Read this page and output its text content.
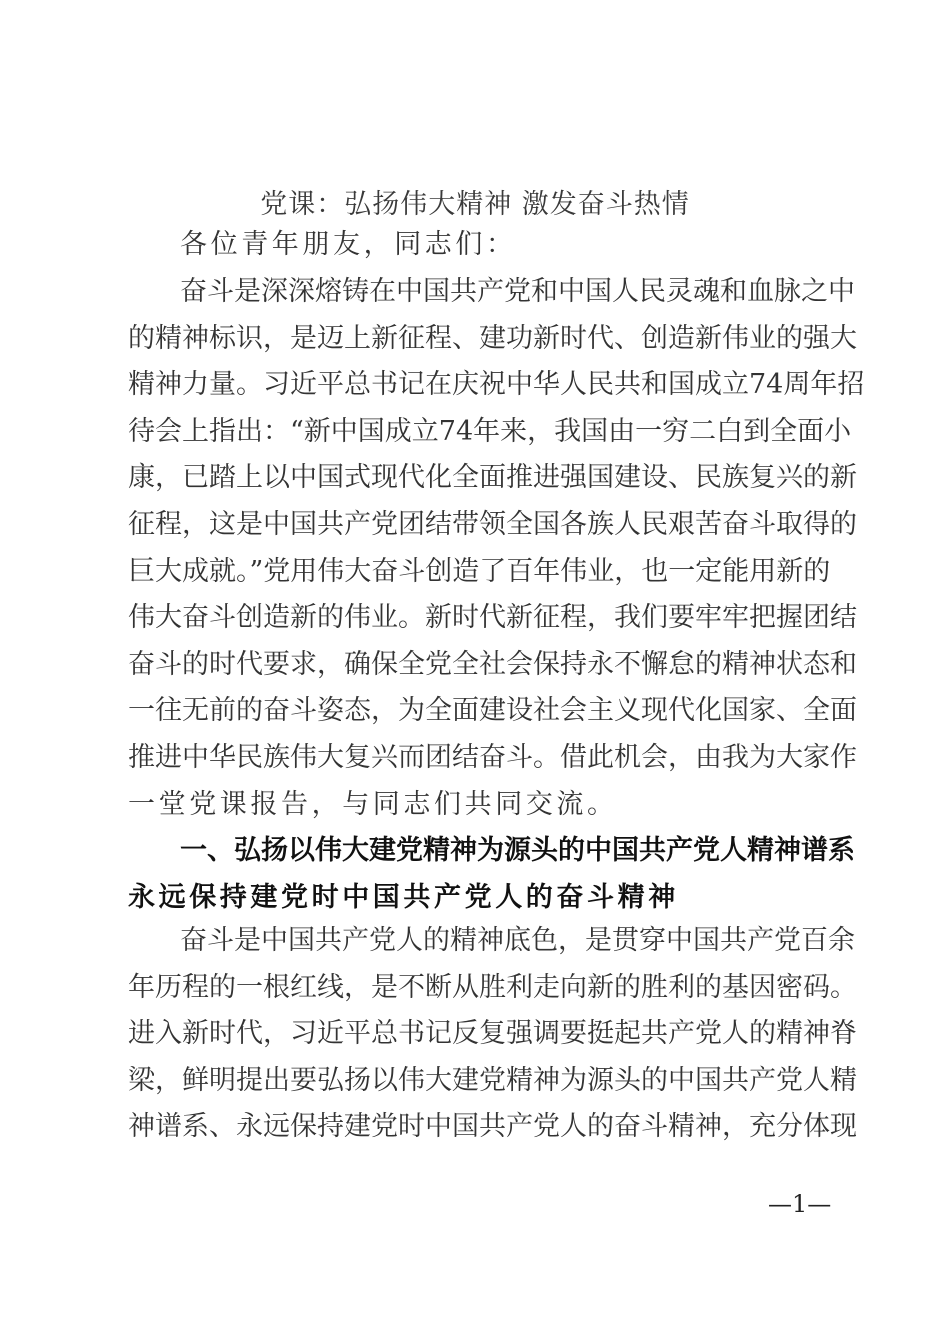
党课：弘扬伟大精神 激发奋斗热情
各位青年朋友，同志们：
奋斗是深深熔铸在中国共产党和中国人民灵魂和血脉之中
的精神标识，是迈上新征程、建功新时代、创造新伟业的强大
精神力量。习近平总书记在庆祝中华人民共和国成立74周年招
待会上指出：“新中国成立74年来，我国由一穷二白到全面小
康，已踏上以中国式现代化全面推进强国建设、民族复兴的新
征程，这是中国共产党团结带领全国各族人民艰苦奋斗取得的
巨大成就。”党用伟大奋斗创造了百年伟业，也一定能用新的
伟大奋斗创造新的伟业。新时代新征程，我们要牢牢把握团结
奋斗的时代要求，确保全党全社会保持永不懈怠的精神状态和
一往无前的奋斗姿态，为全面建设社会主义现代化国家、全面
推进中华民族伟大复兴而团结奋斗。借此机会，由我为大家作
一堂党课报告，与同志们共同交流。
一、弘扬以伟大建党精神为源头的中国共产党人精神谱系
永远保持建党时中国共产党人的奋斗精神
奋斗是中国共产党人的精神底色，是贯穿中国共产党百余
年历程的一根红线，是不断从胜利走向新的胜利的基因密码。
进入新时代，习近平总书记反复强调要挺起共产党人的精神脊
梁，鲜明提出要弘扬以伟大建党精神为源头的中国共产党人精
神谱系、永远保持建党时中国共产党人的奋斗精神，充分体现
—1—
